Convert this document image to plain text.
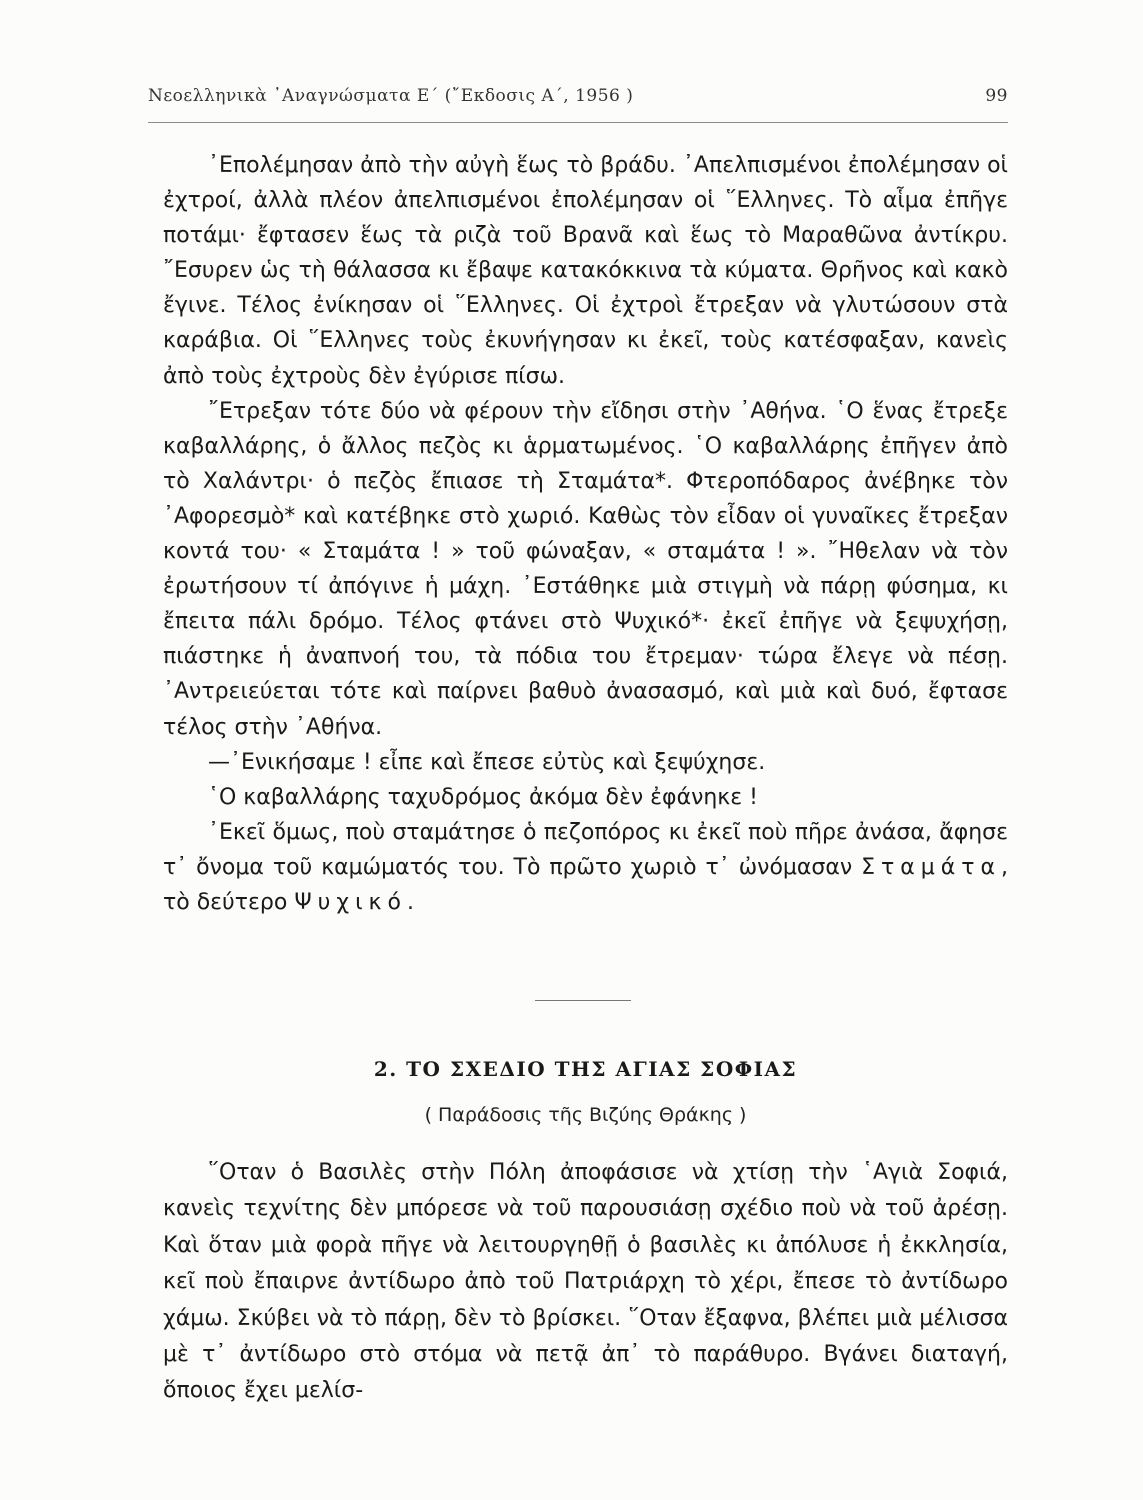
Νεοελληνικὰ ᾽Αναγνώσματα Ε΄ (῎Εκδοσις Α΄, 1956 )	99

᾽Επολέμησαν ἀπὸ τὴν αὐγὴ ἕως τὸ βράδυ. ᾽Απελπισμένοι ἐπολέμησαν οἱ ἐχτροί, ἀλλὰ πλέον ἀπελπισμένοι ἐπολέμησαν οἱ ῞Ελληνες. Τὸ αἷμα ἐπῆγε ποτάμι· ἔφτασεν ἕως τὰ ριζὰ τοῦ Βρανᾶ καὶ ἕως τὸ Μαραθῶνα ἀντίκρυ. ῎Εσυρεν ὡς τὴ θάλασσα κι ἔβαψε κατακόκκινα τὰ κύματα. Θρῆνος καὶ κακὸ ἔγινε. Τέλος ἐνίκησαν οἱ ῞Ελληνες. Οἱ ἐχτροὶ ἔτρεξαν νὰ γλυτώσουν στὰ καράβια. Οἱ ῞Ελληνες τοὺς ἐκυνήγησαν κι ἐκεῖ, τοὺς κατέσφαξαν, κανεὶς ἀπὸ τοὺς ἐχτροὺς δὲν ἐγύρισε πίσω.

῎Ετρεξαν τότε δύο νὰ φέρουν τὴν εἴδησι στὴν ᾽Αθήνα. ῾Ο ἕνας ἔτρεξε καβαλλάρης, ὁ ἄλλος πεζὸς κι ἁρματωμένος. ῾Ο καβαλλάρης ἐπῆγεν ἀπὸ τὸ Χαλάντρι· ὁ πεζὸς ἔπιασε τὴ Σταμάτα*. Φτεροπόδαρος ἀνέβηκε τὸν ᾽Αφορεσμὸ* καὶ κατέβηκε στὸ χωριό. Καθὼς τὸν εἶδαν οἱ γυναῖκες ἔτρεξαν κοντά του· « Σταμάτα ! » τοῦ φώναξαν, « σταμάτα ! ». ῎Ηθελαν νὰ τὸν ἐρωτήσουν τί ἀπόγινε ἡ μάχη. ᾽Εστάθηκε μιὰ στιγμὴ νὰ πάρῃ φύσημα, κι ἔπειτα πάλι δρόμο. Τέλος φτάνει στὸ Ψυχικό*· ἐκεῖ ἐπῆγε νὰ ξεψυχήσῃ, πιάστηκε ἡ ἀναπνοή του, τὰ πόδια του ἔτρεμαν· τώρα ἔλεγε νὰ πέσῃ. ᾽Αντρειεύεται τότε καὶ παίρνει βαθυὸ ἀνασασμό, καὶ μιὰ καὶ δυό, ἔφτασε τέλος στὴν ᾽Αθήνα.

—᾽Ενικήσαμε ! εἶπε καὶ ἔπεσε εὐτὺς καὶ ξεψύχησε.

῾Ο καβαλλάρης ταχυδρόμος ἀκόμα δὲν ἐφάνηκε !

᾽Εκεῖ ὅμως, ποὺ σταμάτησε ὁ πεζοπόρος κι ἐκεῖ ποὺ πῆρε ἀνάσα, ἄφησε τ᾽ ὄνομα τοῦ καμώματός του. Τὸ πρῶτο χωριὸ τ᾽ ὠνόμασαν Σταμάτα, τὸ δεύτερο Ψυχικό.

2. ΤΟ ΣΧΕΔΙΟ ΤΗΣ ΑΓΙΑΣ ΣΟΦΙΑΣ
( Παράδοσις τῆς Βιζύης Θράκης )

῞Οταν ὁ Βασιλὲς στὴν Πόλη ἀποφάσισε νὰ χτίσῃ τὴν ῾Αγιὰ Σοφιά, κανεὶς τεχνίτης δὲν μπόρεσε νὰ τοῦ παρουσιάσῃ σχέδιο ποὺ νὰ τοῦ ἀρέσῃ. Καὶ ὅταν μιὰ φορὰ πῆγε νὰ λειτουργηθῇ ὁ βασιλὲς κι ἀπόλυσε ἡ ἐκκλησία, κεῖ ποὺ ἔπαιρνε ἀντίδωρο ἀπὸ τοῦ Πατριάρχη τὸ χέρι, ἔπεσε τὸ ἀντίδωρο χάμω. Σκύβει νὰ τὸ πάρῃ, δὲν τὸ βρίσκει. ῞Οταν ἔξαφνα, βλέπει μιὰ μέλισσα μὲ τ᾽ ἀντίδωρο στὸ στόμα νὰ πετᾷ ἀπ᾽ τὸ παράθυρο. Βγάνει διαταγή, ὅποιος ἔχει μελίσ-
